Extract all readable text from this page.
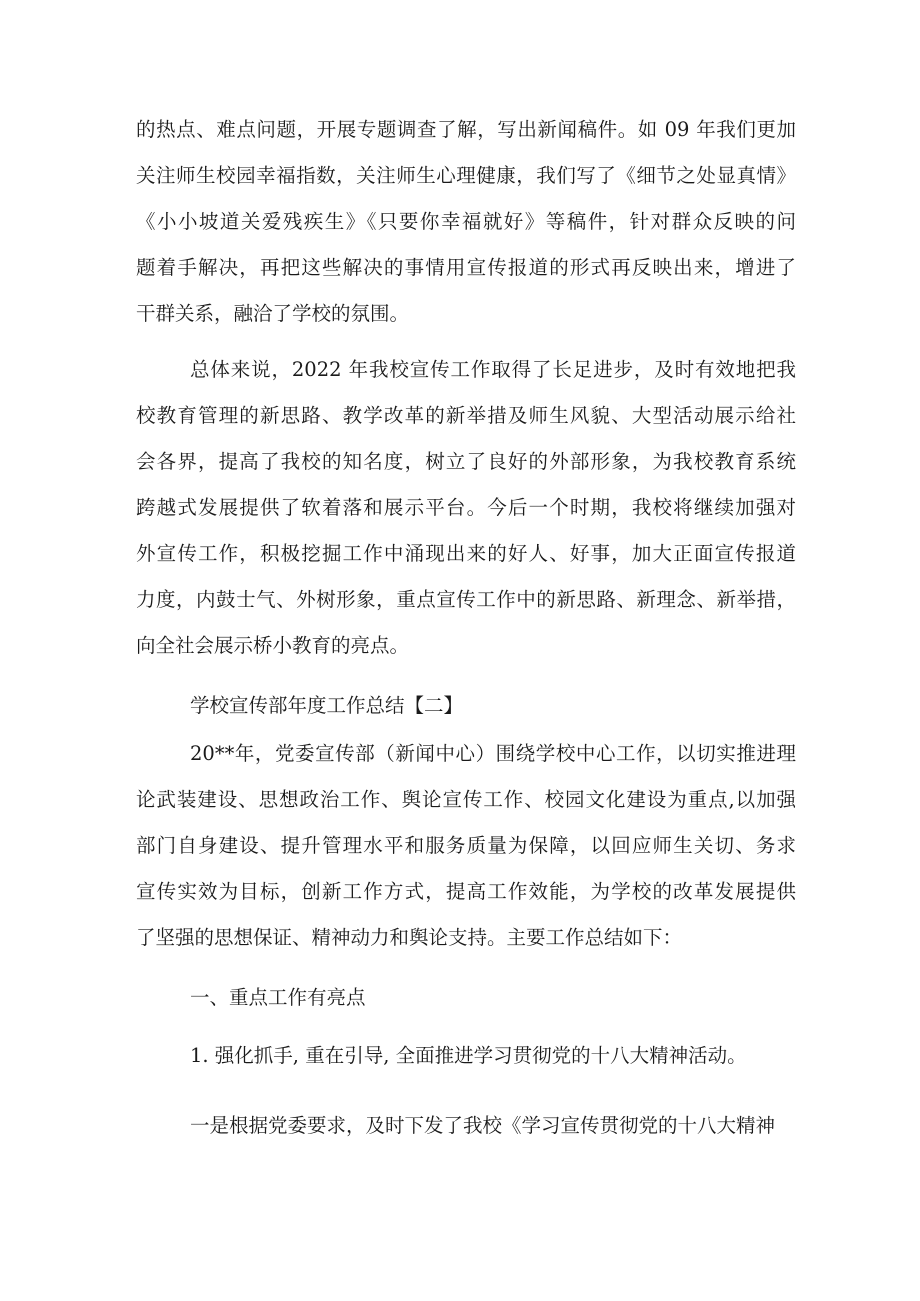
的热点、难点问题，开展专题调查了解，写出新闻稿件。如 09 年我们更加
关注师生校园幸福指数，关注师生心理健康，我们写了《细节之处显真情》
《小小坡道关爱残疾生》《只要你幸福就好》等稿件，针对群众反映的问
题着手解决，再把这些解决的事情用宣传报道的形式再反映出来，增进了
干群关系，融洽了学校的氛围。
总体来说，2022 年我校宣传工作取得了长足进步，及时有效地把我
校教育管理的新思路、教学改革的新举措及师生风貌、大型活动展示给社
会各界，提高了我校的知名度，树立了良好的外部形象，为我校教育系统
跨越式发展提供了软着落和展示平台。今后一个时期，我校将继续加强对
外宣传工作，积极挖掘工作中涌现出来的好人、好事，加大正面宣传报道
力度，内鼓士气、外树形象，重点宣传工作中的新思路、新理念、新举措，
向全社会展示桥小教育的亮点。
学校宣传部年度工作总结【二】
20**年，党委宣传部（新闻中心）围绕学校中心工作，以切实推进理
论武装建设、思想政治工作、舆论宣传工作、校园文化建设为重点,以加强
部门自身建设、提升管理水平和服务质量为保障，以回应师生关切、务求
宣传实效为目标，创新工作方式，提高工作效能，为学校的改革发展提供
了坚强的思想保证、精神动力和舆论支持。主要工作总结如下：
一、重点工作有亮点
1. 强化抓手, 重在引导, 全面推进学习贯彻党的十八大精神活动。
一是根据党委要求，及时下发了我校《学习宣传贯彻党的十八大精神
